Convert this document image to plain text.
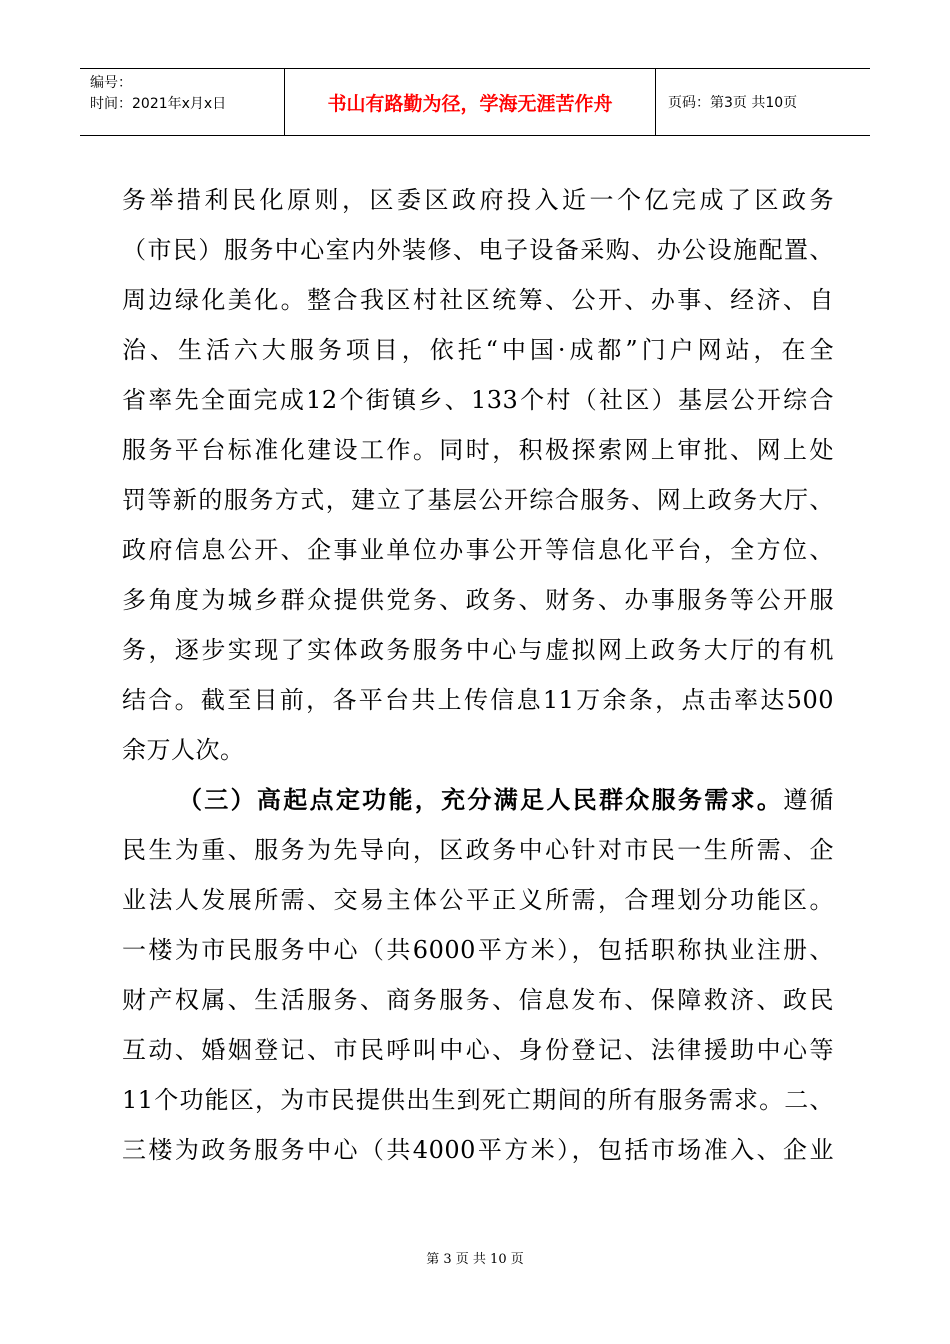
编号：
时间：2021年x月x日	书山有路勤为径，学海无涯苦作舟	页码：第3页 共10页
务举措利民化原则，区委区政府投入近一个亿完成了区政务
（市民）服务中心室内外装修、电子设备采购、办公设施配置、
周边绿化美化。整合我区村社区统筹、公开、办事、经济、自
治、生活六大服务项目，依托“中国·成都”门户网站，在全
省率先全面完成12个街镇乡、133个村（社区）基层公开综合
服务平台标准化建设工作。同时，积极探索网上审批、网上处
罚等新的服务方式，建立了基层公开综合服务、网上政务大厅、
政府信息公开、企事业单位办事公开等信息化平台，全方位、
多角度为城乡群众提供党务、政务、财务、办事服务等公开服
务，逐步实现了实体政务服务中心与虚拟网上政务大厅的有机
结合。截至目前，各平台共上传信息11万余条，点击率达500
余万人次。
（三）高起点定功能，充分满足人民群众服务需求。遵循
民生为重、服务为先导向，区政务中心针对市民一生所需、企
业法人发展所需、交易主体公平正义所需，合理划分功能区。
一楼为市民服务中心（共6000平方米），包括职称执业注册、
财产权属、生活服务、商务服务、信息发布、保障救济、政民
互动、婚姻登记、市民呼叫中心、身份登记、法律援助中心等
11个功能区，为市民提供出生到死亡期间的所有服务需求。二、
三楼为政务服务中心（共4000平方米），包括市场准入、企业
第 3 页 共 10 页
